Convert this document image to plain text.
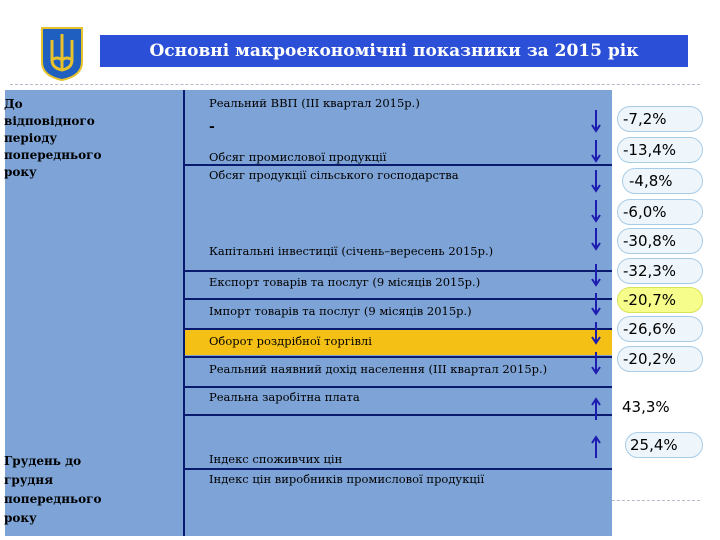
Основні макроекономічні показники за 2015 рік
До відповідного періоду попереднього року
Грудень до грудня попереднього року
Реальний ВВП (ІІІ квартал 2015р.)
-
Обсяг промислової продукції
Обсяг продукції сільського господарства
Капітальні інвестиції (січень–вересень 2015р.)
Експорт товарів та послуг (9 місяців 2015р.)
Імпорт товарів та послуг (9 місяців 2015р.)
Оборот роздрібної торгівлі
Реальний наявний дохід населення (ІІІ квартал 2015р.)
Реальна заробітна плата
Індекс споживчих цін
Індекс цін виробників промислової продукції
-7,2%
-13,4%
-4,8%
-6,0%
-30,8%
-32,3%
-20,7%
-26,6%
-20,2%
43,3%
25,4%
